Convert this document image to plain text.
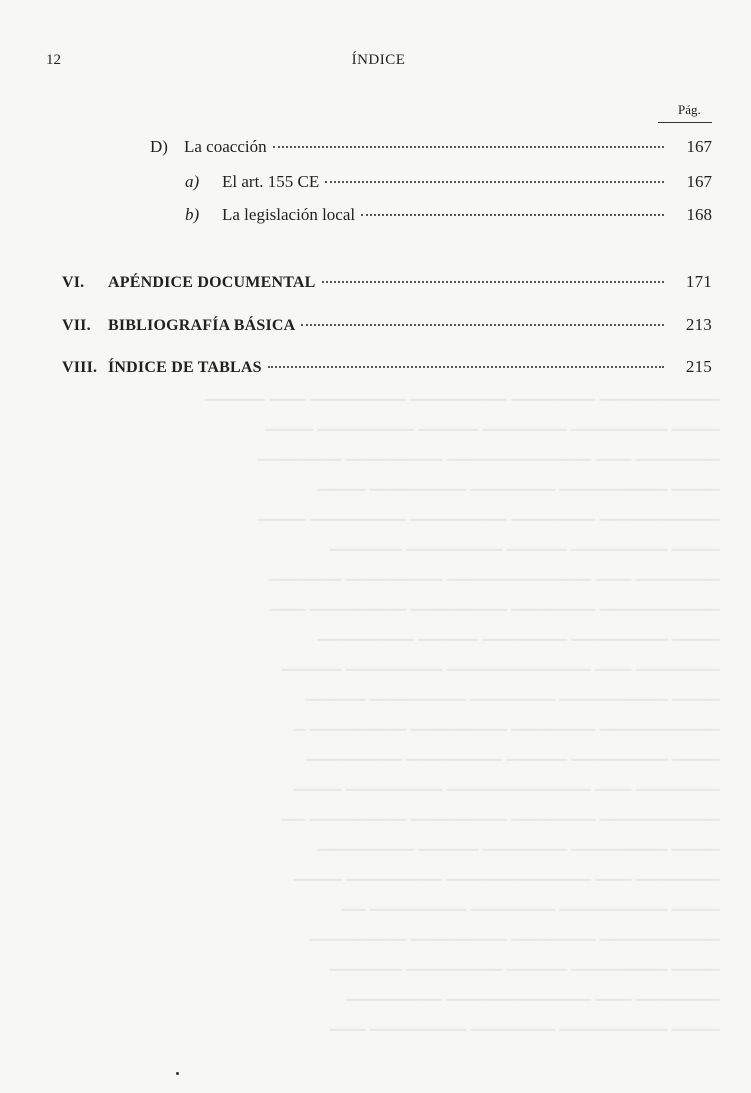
────────── ─────── ──────── ──────── ─── ─────
──── ──────── ─────── ───── ──────── ────
─────── ─── ──────────── ──────── ───────
──── ───────── ─────── ──────── ────
────────── ─────── ──────── ──────── ────
──── ──────── ───── ──────── ──────
─────── ─── ──────────── ──────── ──────
────────── ─────── ──────── ──────── ───
──── ──────── ─────── ───── ────────
─────── ─── ──────────── ──────── ─────
──── ───────── ─────── ──────── ─────
────────── ─────── ──────── ──────── ─
──── ──────── ───── ──────── ────────
─────── ─── ──────────── ──────── ────
────────── ─────── ──────── ──────── ──
──── ──────── ─────── ───── ────────
─────── ─── ──────────── ──────── ────
──── ───────── ─────── ──────── ──
────────── ─────── ──────── ────────
──── ──────── ───── ──────── ──────
─────── ─── ──────────── ────────
──── ───────── ─────── ──────── ───
12	ÍNDICE
Pág.
D) La coacción	167
a)	El art. 155 CE	167
b)	La legislación local	168
VI.	APÉNDICE DOCUMENTAL	171
VII.	BIBLIOGRAFÍA BÁSICA	213
VIII. ÍNDICE DE TABLAS	215
